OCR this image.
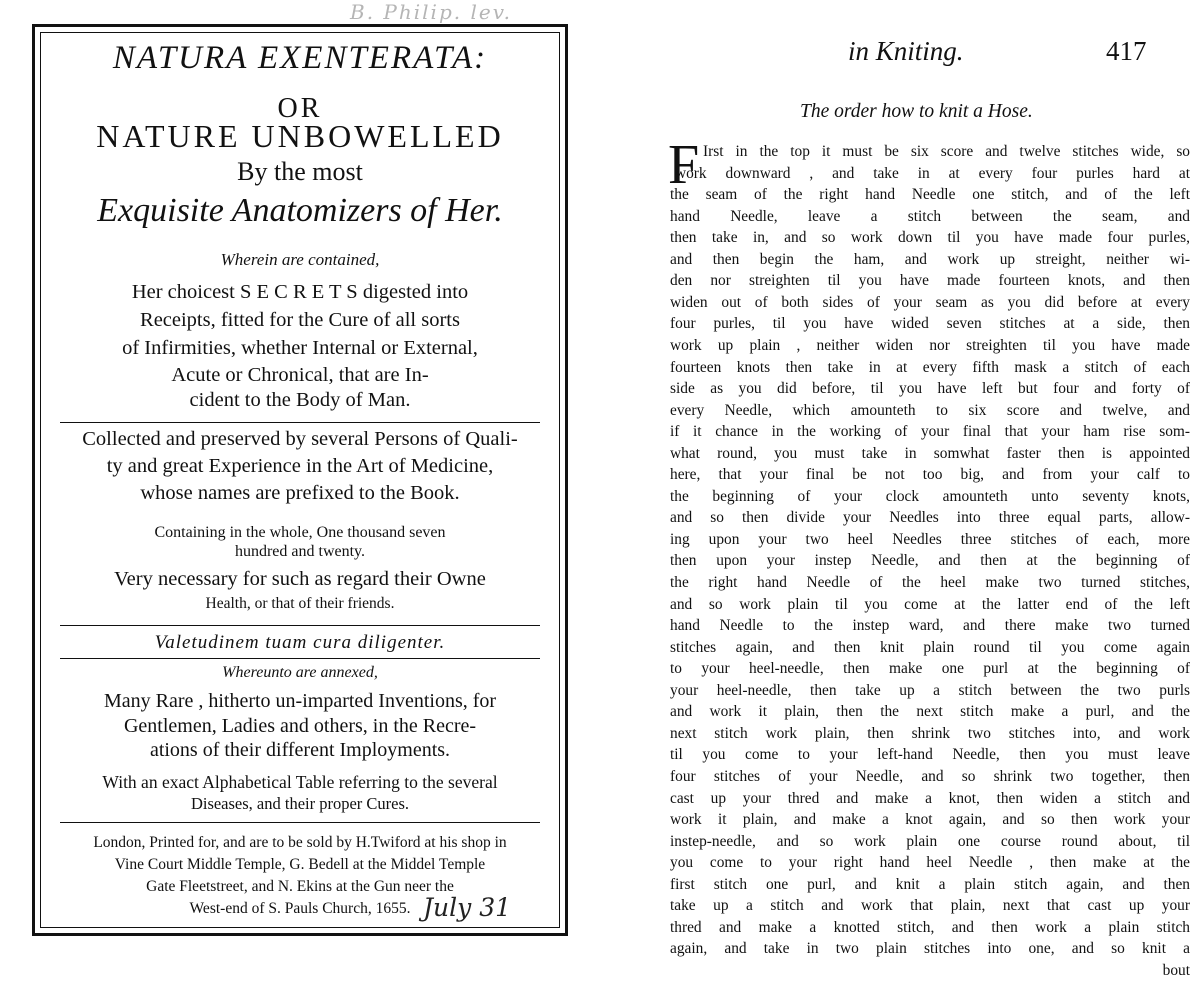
B. Philip. lev.
NATURA EXENTERATA:
OR
NATURE UNBOWELLED
By the most
Exquisite Anatomizers of Her.
Wherein are contained,
Her choicest S E C R E T S digested into
Receipts, fitted for the Cure of all sorts
of Infirmities, whether Internal or External,
Acute or Chronical, that are In-
cident to the Body of Man.
Collected and preserved by several Persons of Quali-
ty and great Experience in the Art of Medicine,
whose names are prefixed to the Book.
Containing in the whole, One thousand seven
hundred and twenty.
Very necessary for such as regard their Owne
Health, or that of their friends.
Valetudinem tuam cura diligenter.
Whereunto are annexed,
Many Rare , hitherto un-imparted Inventions, for
Gentlemen, Ladies and others, in the Recre-
ations of their different Imployments.
With an exact Alphabetical Table referring to the several
Diseases, and their proper Cures.
London, Printed for, and are to be sold by H.Twiford at his shop in
Vine Court Middle Temple, G. Bedell at the Middel Temple
Gate Fleetstreet, and N. Ekins at the Gun neer the
West-end of S. Pauls Church, 1655. July 31
in Kniting.	417
The order how to knit a Hose.
F Irst in the top it must be six score and twelve stitches wide, so
work downward , and take in at every four purles hard at
the seam of the right hand Needle one stitch, and of the left
hand Needle, leave a stitch between the seam, and
then take in, and so work down til you have made four purles,
and then begin the ham, and work up streight, neither wi-
den nor streighten til you have made fourteen knots, and then
widen out of both sides of your seam as you did before at every
four purles, til you have wided seven stitches at a side, then
work up plain , neither widen nor streighten til you have made
fourteen knots then take in at every fifth mask a stitch of each
side as you did before, til you have left but four and forty of
every Needle, which amounteth to six score and twelve, and
if it chance in the working of your final that your ham rise som-
what round, you must take in somwhat faster then is appointed
here, that your final be not too big, and from your calf to
the beginning of your clock amounteth unto seventy knots,
and so then divide your Needles into three equal parts, allow-
ing upon your two heel Needles three stitches of each, more
then upon your instep Needle, and then at the beginning of
the right hand Needle of the heel make two turned stitches,
and so work plain til you come at the latter end of the left
hand Needle to the instep ward, and there make two turned
stitches again, and then knit plain round til you come again
to your heel-needle, then make one purl at the beginning of
your heel-needle, then take up a stitch between the two purls
and work it plain, then the next stitch make a purl, and the
next stitch work plain, then shrink two stitches into, and work
til you come to your left-hand Needle, then you must leave
four stitches of your Needle, and so shrink two together, then
cast up your thred and make a knot, then widen a stitch and
work it plain, and make a knot again, and so then work your
instep-needle, and so work plain one course round about, til
you come to your right hand heel Needle , then make at the
first stitch one purl, and knit a plain stitch again, and then
take up a stitch and work that plain, next that cast up your
thred and make a knotted stitch, and then work a plain stitch
again, and take in two plain stitches into one, and so knit a
bout
